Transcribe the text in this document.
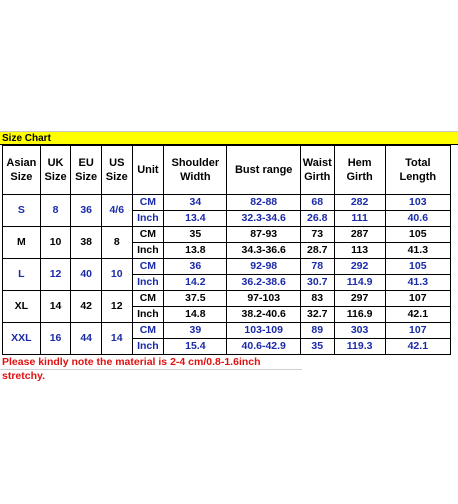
Size Chart
Asian Size	UK Size	EU Size	US Size	Unit	Shoulder Width	Bust range	Waist Girth	Hem Girth	Total Length
S	8	36	4/6	CM	34	82-88	68	282	103
				Inch	13.4	32.3-34.6	26.8	111	40.6
M	10	38	8	CM	35	87-93	73	287	105
				Inch	13.8	34.3-36.6	28.7	113	41.3
L	12	40	10	CM	36	92-98	78	292	105
				Inch	14.2	36.2-38.6	30.7	114.9	41.3
XL	14	42	12	CM	37.5	97-103	83	297	107
				Inch	14.8	38.2-40.6	32.7	116.9	42.1
XXL	16	44	14	CM	39	103-109	89	303	107
				Inch	15.4	40.6-42.9	35	119.3	42.1
Please kindly note the material is 2-4 cm/0.8-1.6inch stretchy.
